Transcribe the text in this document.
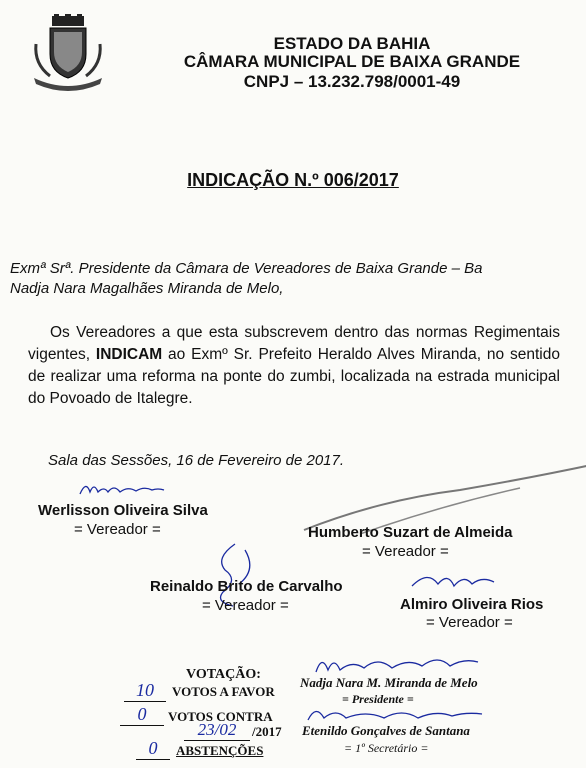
ESTADO DA BAHIA
CÂMARA MUNICIPAL DE BAIXA GRANDE
CNPJ – 13.232.798/0001-49
INDICAÇÃO N.º 006/2017
Exmª Srª. Presidente da Câmara de Vereadores de Baixa Grande – Ba
Nadja Nara Magalhães Miranda de Melo,
Os Vereadores a que esta subscrevem dentro das normas Regimentais vigentes, INDICAM ao Exmº Sr. Prefeito Heraldo Alves Miranda, no sentido de realizar uma reforma na ponte do zumbi, localizada na estrada municipal do Povoado de Italegre.
Sala das Sessões, 16 de Fevereiro de 2017.
Werlisson Oliveira Silva
= Vereador =	Humberto Suzart de Almeida
= Vereador =
Reinaldo Brito de Carvalho
= Vereador =	Almiro Oliveira Rios
= Vereador =
VOTAÇÃO:
10	VOTOS A FAVOR
0	VOTOS CONTRA
23/02	/2017
0	ABSTENÇÕES
Nadja Nara M. Miranda de Melo
= Presidente =
Etenildo Gonçalves de Santana
= 1º Secretário =
